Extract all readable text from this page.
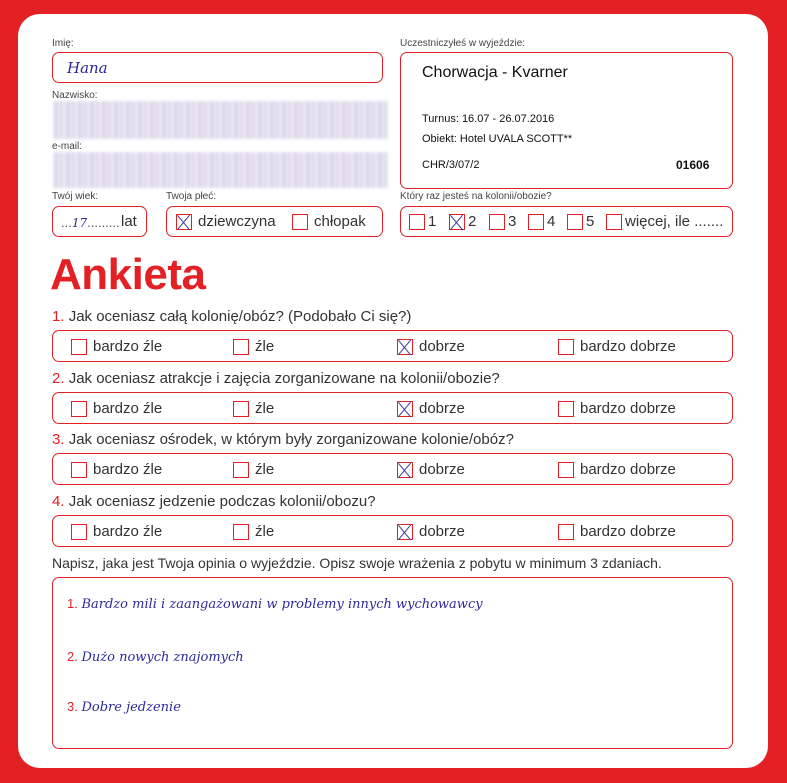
Imię:
Hana
Nazwisko:
e-mail:
Twój wiek:
...17......... lat
Twoja płeć:
dziewczyna	chłopak
Uczestniczyłeś w wyjeździe:
Chorwacja - Kvarner
Turnus: 16.07 - 26.07.2016
Obiekt: Hotel UVALA SCOTT**
CHR/3/07/2	01606
Który raz jesteś na kolonii/obozie?
1 2 3 4 5 więcej, ile .......
Ankieta
1. Jak oceniasz całą kolonię/obóz? (Podobało Ci się?)
bardzo źle	źle	dobrze	bardzo dobrze
2. Jak oceniasz atrakcje i zajęcia zorganizowane na kolonii/obozie?
bardzo źle	źle	dobrze	bardzo dobrze
3. Jak oceniasz ośrodek, w którym były zorganizowane kolonie/obóz?
bardzo źle	źle	dobrze	bardzo dobrze
4. Jak oceniasz jedzenie podczas kolonii/obozu?
bardzo źle	źle	dobrze	bardzo dobrze
Napisz, jaka jest Twoja opinia o wyjeździe. Opisz swoje wrażenia z pobytu w minimum 3 zdaniach.
1. Bardzo mili i zaangażowani w problemy innych wychowawcy
2. Dużo nowych znajomych
3. Dobre jedzenie
